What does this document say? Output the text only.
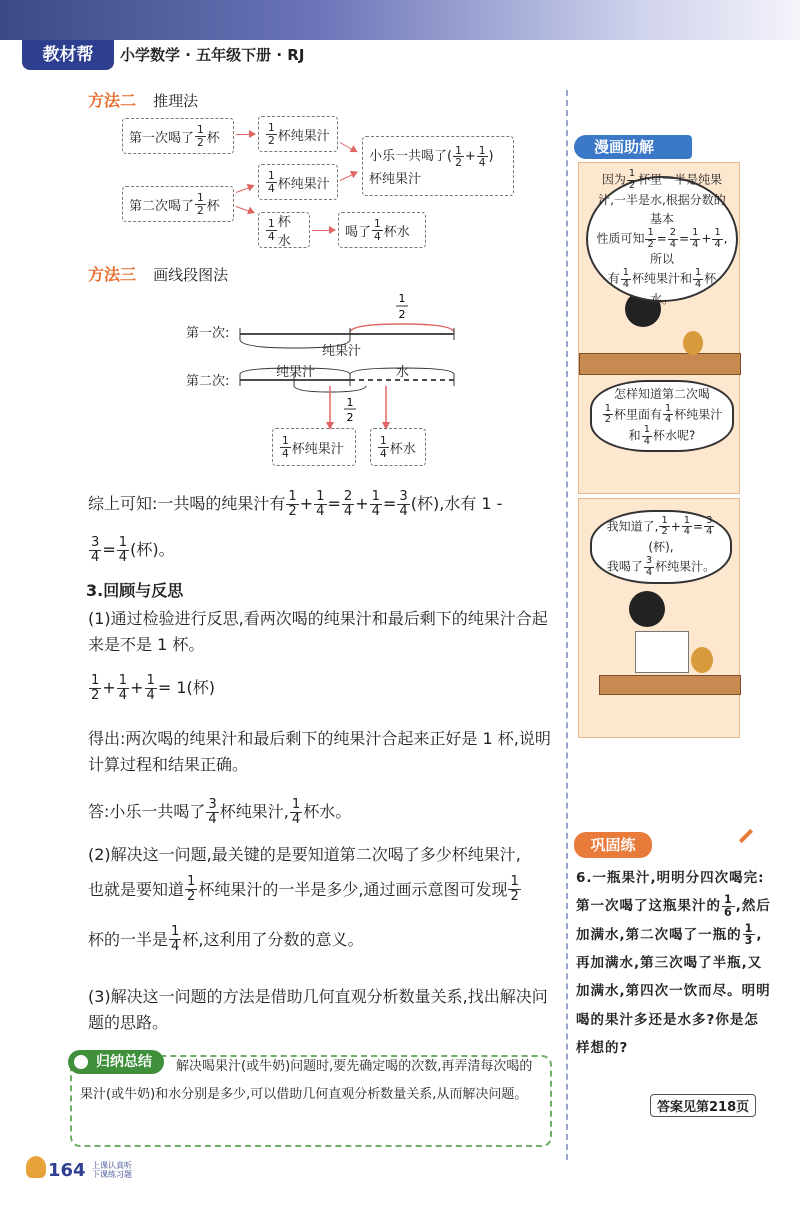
教材帮	小学数学 · 五年级下册 · RJ
方法二 推理法
第一次喝了
1
2 杯
第二次喝了
1
2 杯
1
2 杯纯果汁
1
4 杯纯果汁
1
4
杯水
小乐一共喝了( $\frac{1}{2} + \frac{1}{4}$ )
杯纯果汁
喝了
1
4 杯水
方法三 画线段图法
1
2
1
2
第一次:
第二次:
纯果汁
纯果汁	水
1
4 杯纯果汁
1
4 杯水
综上可知:一共喝的纯果汁有 1
2 + 1
4 = 2
4 + 1
4 = 3
4 (杯),水有 1 -
3
4 = 1
4 (杯)。
3.回顾与反思
(1)通过检验进行反思,看两次喝的纯果汁和最后剩下的纯果汁合起来是不是 1 杯。
1
2 + 1
$4 + \frac{1}{4} = 1$(杯)
得出:两次喝的纯果汁和最后剩下的纯果汁合起来正好是 1 杯,说明计算过程和结果正确。
答:小乐一共喝了 3
4 杯纯果汁, 1
4 杯水。
(2)解决这一问题,最关键的是要知道第二次喝了多少杯纯果汁,
也就是要知道 1
2 杯纯果汁的一半是多少,通过画示意图可发现 1
2
杯的一半是 1
4 杯,这利用了分数的意义。
(3)解决这一问题的方法是借助几何直观分析数量关系,找出解决问题的思路。
解决喝果汁(或牛奶)问题时,要先确定喝的次数,再弄清每次喝的果汁(或牛奶)和水分别是多少,可以借助几何直观分析数量关系,从而解决问题。
归纳总结
漫画助解
因为 $\frac{1}{2}$ 杯里一半是纯果
汁,一半是水,根据分数的基本
性质可知 $\frac{1}{2} = \frac{2}{4} = \frac{1}{4} + \frac{1}{4}$ ,所以
有 $\frac{1}{4}$ 杯纯果汁和 $\frac{1}{4}$ 杯水。
怎样知道第二次喝
$\frac{1}{2}$ 杯里面有 $\frac{1}{4}$ 杯纯果汁
和 $\frac{1}{4}$ 杯水呢?
我知道了, $\frac{1}{2} + \frac{1}{4} = \frac{3}{4}$
(杯),
我喝了 $\frac{3}{4}$ 杯纯果汁。
巩固练
6.一瓶果汁,明明分四次喝完:第一次喝了这瓶果汁的 $\frac{1}{6}$ ,然后加满水,第二次喝了一瓶的 $\frac{1}{3}$ ,再加满水,第三次喝了半瓶,又加满水,第四次一饮而尽。明明喝的果汁多还是水多?你是怎样想的?
答案见第218页
164 上课认真听
下课练习题
